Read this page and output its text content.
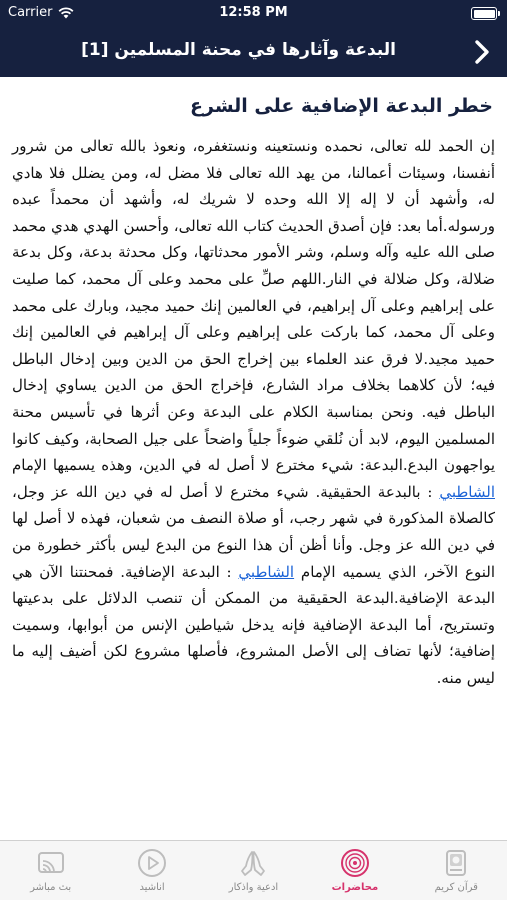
Carrier	12:58 PM
البدعة وآثارها في محنة المسلمين [1]
خطر البدعة الإضافية على الشرع

إن الحمد لله تعالى، نحمده ونستعينه ونستغفره، ونعوذ بالله تعالى من شرور أنفسنا، وسيئات أعمالنا، من يهد الله تعالى فلا مضل له، ومن يضلل فلا هادي له، وأشهد أن لا إله إلا الله وحده لا شريك له، وأشهد أن محمداً عبده ورسوله.أما بعد: فإن أصدق الحديث كتاب الله تعالى، وأحسن الهدي هدي محمد صلى الله عليه وآله وسلم، وشر الأمور محدثاتها، وكل محدثة بدعة، وكل بدعة ضلالة، وكل ضلالة في النار.اللهم صلِّ على محمد وعلى آل محمد، كما صليت على إبراهيم وعلى آل إبراهيم، في العالمين إنك حميد مجيد، وبارك على محمد وعلى آل محمد، كما باركت على إبراهيم وعلى آل إبراهيم في العالمين إنك حميد مجيد.لا فرق عند العلماء بين إخراج الحق من الدين وبين إدخال الباطل فيه؛ لأن كلاهما بخلاف مراد الشارع، فإخراج الحق من الدين يساوي إدخال الباطل فيه. ونحن بمناسبة الكلام على البدعة وعن أثرها في تأسيس محنة المسلمين اليوم، لابد أن نُلقي ضوءاً جلياً واضحاً على جيل الصحابة، وكيف كانوا يواجهون البدع.البدعة: شيء مخترع لا أصل له في الدين، وهذه يسميها الإمام الشاطبي : بالبدعة الحقيقية. شيء مخترع لا أصل له في دين الله عز وجل، كالصلاة المذكورة في شهر رجب، أو صلاة النصف من شعبان، فهذه لا أصل لها في دين الله عز وجل. وأنا أظن أن هذا النوع من البدع ليس بأكثر خطورة من النوع الآخر، الذي يسميه الإمام الشاطبي : البدعة الإضافية. فمحنتنا الآن هي البدعة الإضافية.البدعة الحقيقية من الممكن أن تنصب الدلائل على بدعيتها وتستريح، أما البدعة الإضافية فإنه يدخل شياطين الإنس من أبوابها، وسميت إضافية؛ لأنها تضاف إلى الأصل المشروع، فأصلها مشروع لكن أضيف إليه ما ليس منه.

قرآن كريم
محاضرات
ادعية واذكار
اناشيد
بث مباشر
